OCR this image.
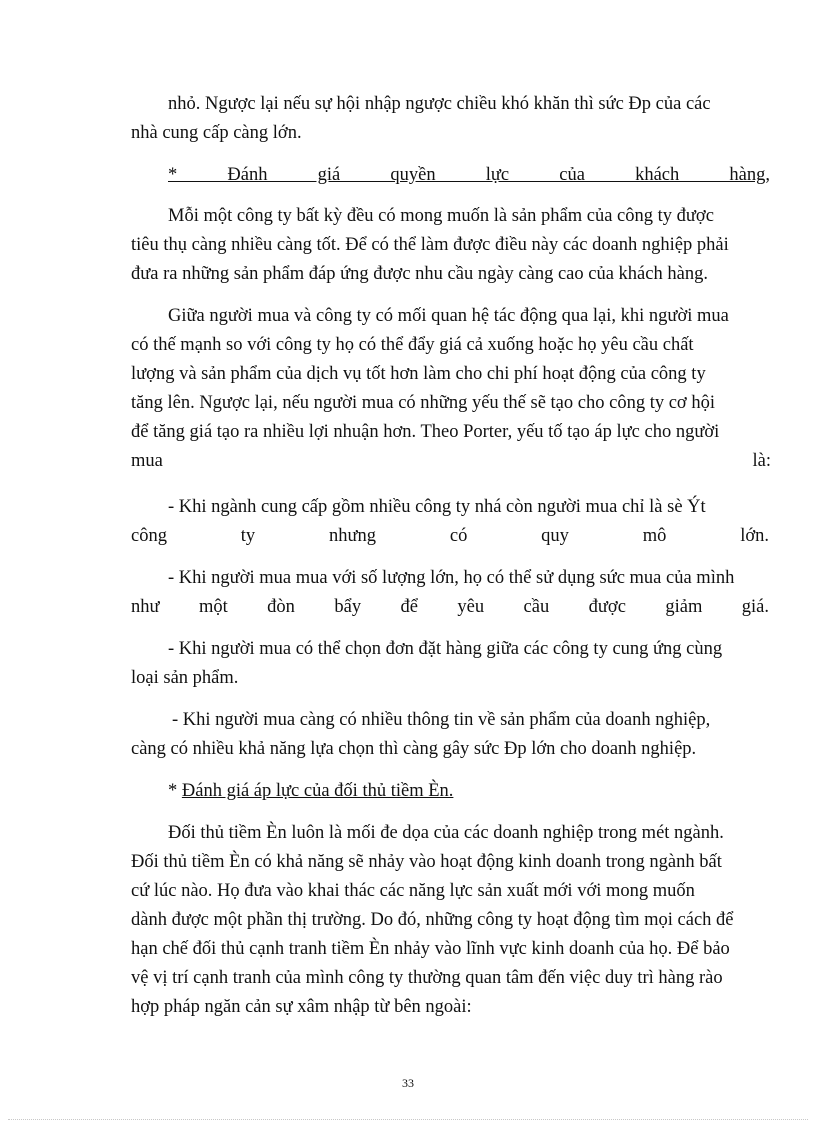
nhỏ. Ngược lại nếu sự hội nhập ngược chiều khó khăn thì sức Ðp của các
nhà cung cấp càng lớn.
* Đánh giá quyền lực của khách hàng,
Mỗi một công ty bất kỳ đều có mong muốn là sản phẩm của công ty được
tiêu thụ càng nhiều càng tốt. Để có thể làm được điều này các doanh nghiệp phải
đưa ra những sản phẩm đáp ứng được nhu cầu ngày càng cao của khách hàng.
Giữa người mua và công ty có mối quan hệ tác động qua lại, khi người mua
có thế mạnh so với công ty họ có thể đẩy giá cả xuống hoặc họ yêu cầu chất
lượng và sản phẩm của dịch vụ tốt hơn làm cho chi phí hoạt động của công ty
tăng lên. Ngược lại, nếu người mua có những yếu thế sẽ tạo cho công ty cơ hội
để tăng giá tạo ra nhiều lợi nhuận hơn. Theo Porter, yếu tố tạo áp lực cho người
mua là:
- Khi ngành cung cấp gồm nhiều công ty nhá còn người mua chỉ là sè Ýt
công ty nhưng có quy mô lớn.
- Khi người mua mua với số lượng lớn, họ có thể sử dụng sức mua của mình
như một đòn bẩy để yêu cầu được giảm giá.
- Khi người mua có thể chọn đơn đặt hàng giữa các công ty cung ứng cùng
loại sản phẩm.
- Khi người mua càng có nhiều thông tin về sản phẩm của doanh nghiệp,
càng có nhiều khả năng lựa chọn thì càng gây sức Ðp lớn cho doanh nghiệp.
* Đánh giá áp lực của đối thủ tiềm Èn.
Đối thủ tiềm Èn luôn là mối đe dọa của các doanh nghiệp trong mét ngành.
Đối thủ tiềm Èn có khả năng sẽ nhảy vào hoạt động kinh doanh trong ngành bất
cứ lúc nào. Họ đưa vào khai thác các năng lực sản xuất mới với mong muốn
dành được một phần thị trường. Do đó, những công ty hoạt động tìm mọi cách để
hạn chế đối thủ cạnh tranh tiềm Èn nhảy vào lĩnh vực kinh doanh của họ. Để bảo
vệ vị trí cạnh tranh của mình công ty thường quan tâm đến việc duy trì hàng rào
hợp pháp ngăn cản sự xâm nhập từ bên ngoài:
33
